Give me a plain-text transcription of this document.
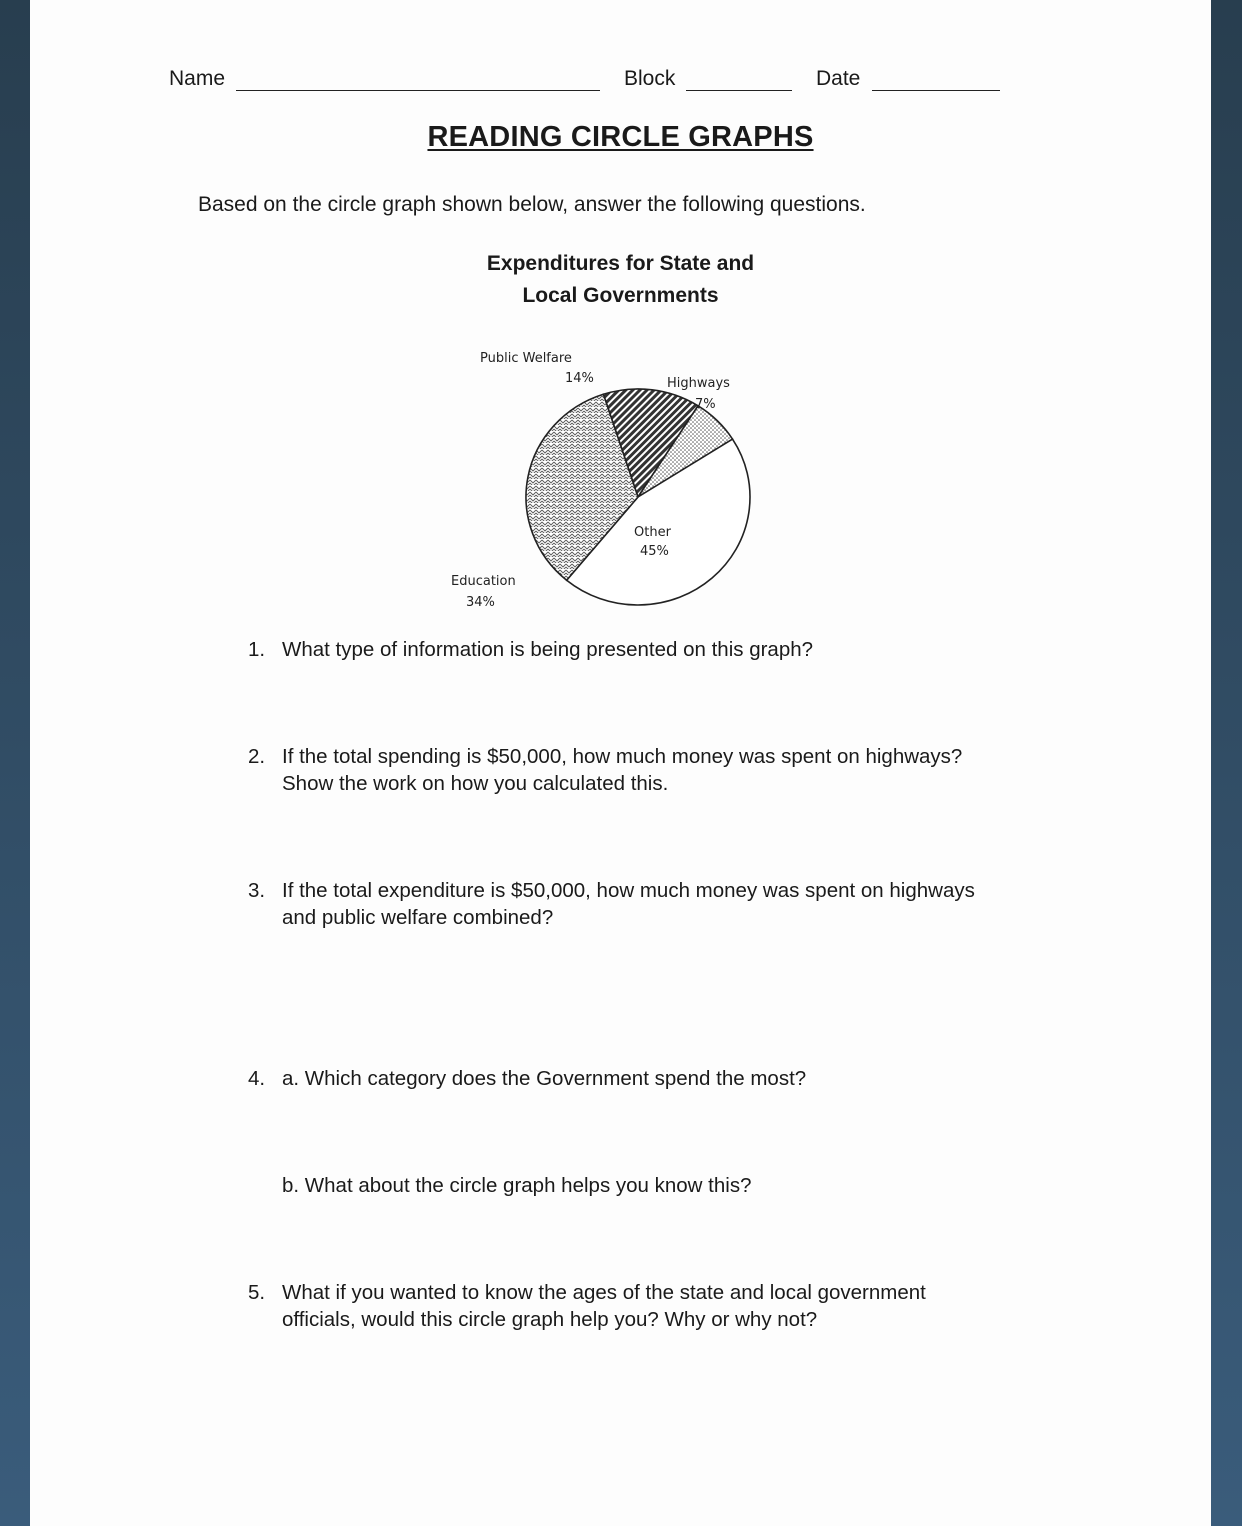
Name	Block	Date
READING CIRCLE GRAPHS
Based on the circle graph shown below, answer the following questions.
Expenditures for State and
Local Governments
Public Welfare
14%	Highways
7%
Other
45%
Education
34%
1. What type of information is being presented on this graph?
2. If the total spending is $50,000, how much money was spent on highways?
Show the work on how you calculated this.
3. If the total expenditure is $50,000, how much money was spent on highways
and public welfare combined?
4. a. Which category does the Government spend the most?
b. What about the circle graph helps you know this?
5. What if you wanted to know the ages of the state and local government
officials, would this circle graph help you? Why or why not?
